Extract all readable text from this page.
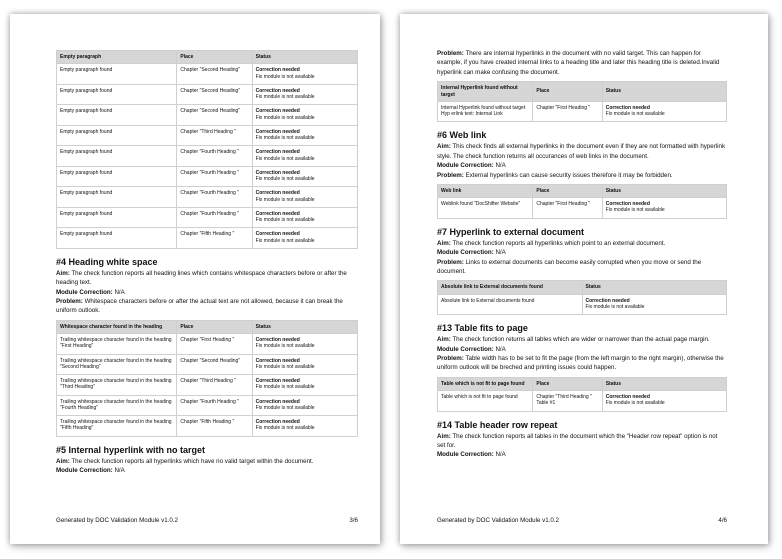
Empty paragraph	Place	Status
Empty paragraph found	Chapter "Second Heading"	Correction needed
Fix module is not available

Empty paragraph found	Chapter "Second Heading"	Correction needed
Fix module is not available

Empty paragraph found	Chapter "Second Heading"	Correction needed
Fix module is not available

Empty paragraph found	Chapter "Third Heading "	Correction needed
Fix module is not available

Empty paragraph found	Chapter "Fourth Heading "	Correction needed
Fix module is not available

Empty paragraph found	Chapter "Fourth Heading "	Correction needed
Fix module is not available

Empty paragraph found	Chapter "Fourth Heading "	Correction needed
Fix module is not available

Empty paragraph found	Chapter "Fourth Heading "	Correction needed
Fix module is not available

Empty paragraph found	Chapter "Fifth Heading "	Correction needed
Fix module is not available
#4 Heading white space

Aim: The check function reports all heading lines which contains whitespace characters before or after the heading text.

Module Correction: N/A

Problem: Whitespace characters before or after the actual text are not allowed, because it can break the uniform outlook.

Whitespace character found in the heading	Place	Status
Trailing whitespace character found in the heading "First Heading"	Chapter "First Heading "	Correction needed
Fix module is not available

Trailing whitespace character found in the heading "Second Heading"	Chapter "Second Heading"	Correction needed
Fix module is not available

Trailing whitespace character found in the heading "Third Heading"	Chapter "Third Heading "	Correction needed
Fix module is not available

Trailing whitespace character found in the heading "Fourth Heading"	Chapter "Fourth Heading "	Correction needed
Fix module is not available

Trailing whitespace character found in the heading "Fifth Heading"	Chapter "Fifth Heading "	Correction needed
Fix module is not available
#5 Internal hyperlink with no target

Aim: The check function reports all hyperlinks which have no valid target within the document.

Module Correction: N/A

Generated by DOC Validation Module v1.0.2	3/6

Problem: There are internal hyperlinks in the document with no valid target. This can happen for example, if you have created internal links to a heading title and later this heading title is deleted.Invalid hyperlink can make confusing the document.

Internal Hyperlink found without target	Place	Status
Internal Hyperlink found without target Hyp erlink text: Internal Link	Chapter "First Heading "	Correction needed
Fix module is not available
#6 Web link

Aim: This check finds all external hyperlinks in the document even if they are not formatted with hyperlink style. The check function returns all occurances of web links in the document.

Module Correction: N/A

Problem: External hyperlinks can cause security issues therefore it may be forbidden.

Web link	Place	Status
Weblink found "DocShifter Website"	Chapter "First Heading "	Correction needed
Fix module is not available
#7 Hyperlink to external document

Aim: The check function reports all hyperlinks which point to an external document.

Module Correction: N/A

Problem: Links to external documents can become easily corrupted when you move or send the document.

Absolute link to External documents found	Status
Absolute link to External documents found	Correction needed
Fix module is not available
#13 Table fits to page

Aim: The check function returns all tables which are wider or narrower than the actual page margin.

Module Correction: N/A

Problem: Table width has to be set to fit the page (from the left margin to the right margin), otherwise the uniform outlook will be breched and printing issues could happen.

Table which is not fit to page found	Place	Status
Table which is not fit to page found	Chapter "Third Heading " Table #1	Correction needed
Fix module is not available
#14 Table header row repeat

Aim: The check function reports all tables in the document which the "Header row repeat" option is not set for.

Module Correction: N/A

Generated by DOC Validation Module v1.0.2	4/6
